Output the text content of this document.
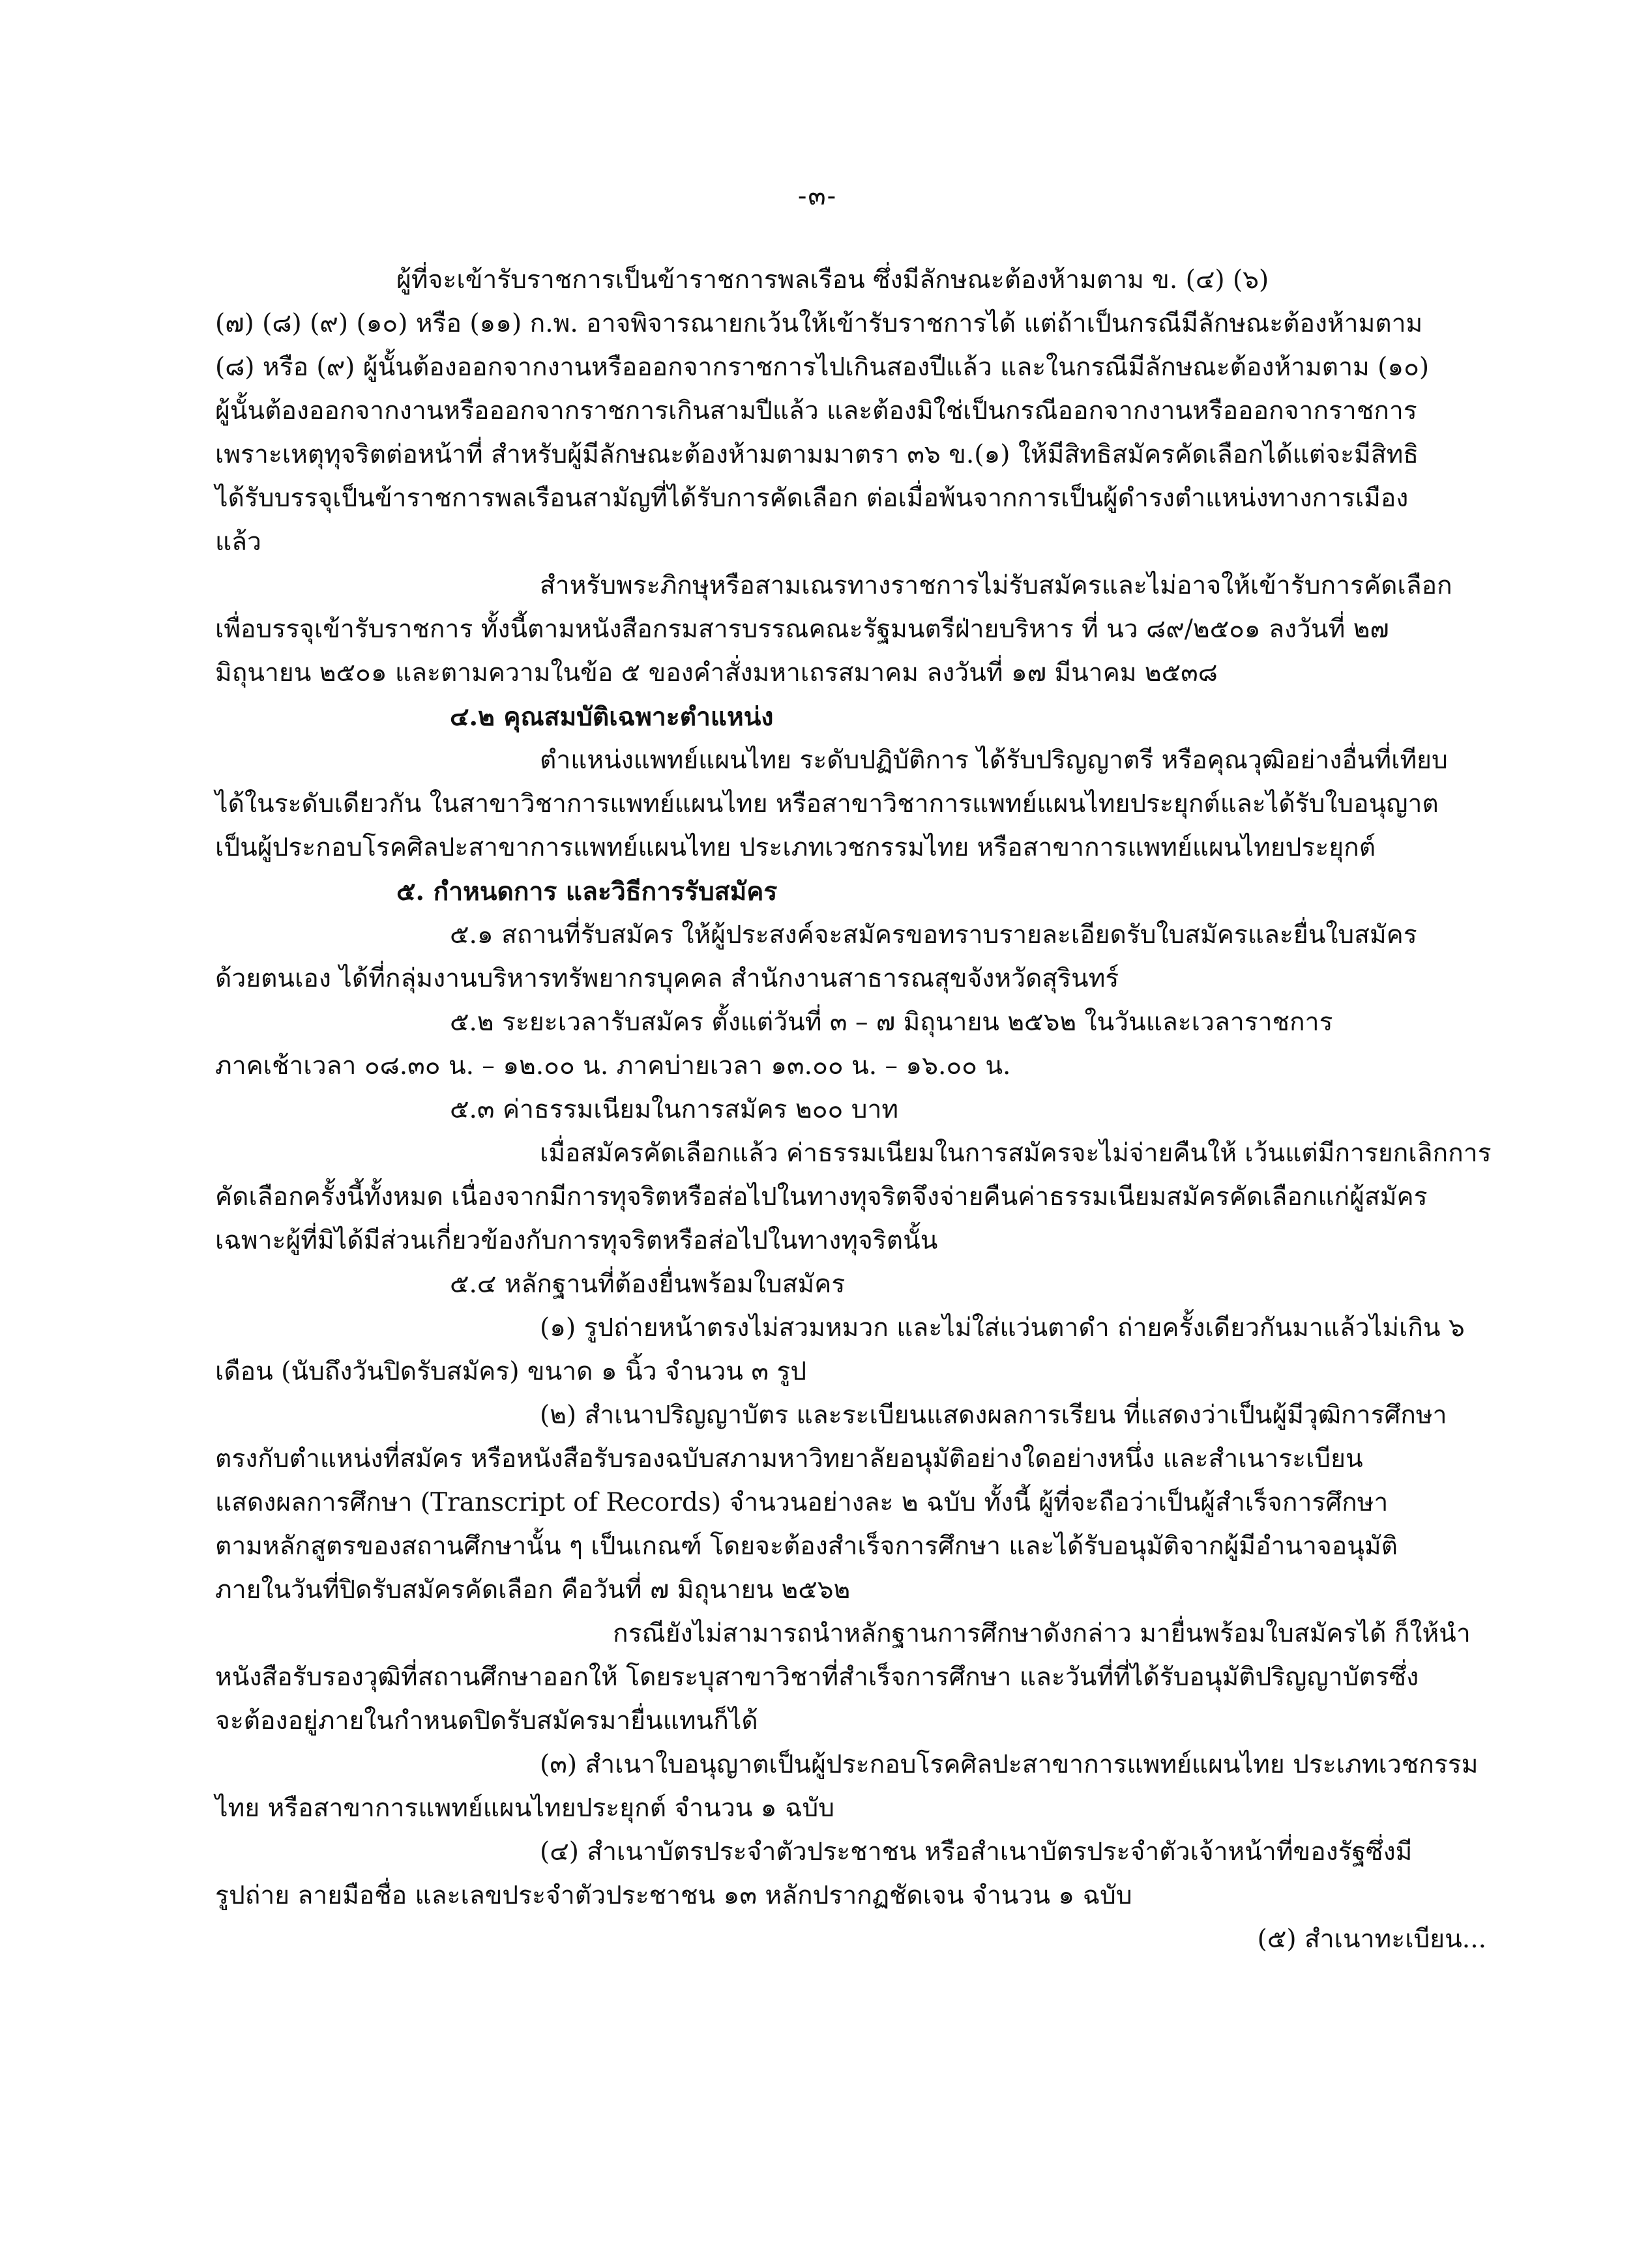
-๓-
ผู้ที่จะเข้ารับราชการเป็นข้าราชการพลเรือน ซึ่งมีลักษณะต้องห้ามตาม ข. (๔) (๖)
(๗) (๘) (๙) (๑๐) หรือ (๑๑) ก.พ. อาจพิจารณายกเว้นให้เข้ารับราชการได้ แต่ถ้าเป็นกรณีมีลักษณะต้องห้ามตาม
(๘) หรือ (๙) ผู้นั้นต้องออกจากงานหรือออกจากราชการไปเกินสองปีแล้ว และในกรณีมีลักษณะต้องห้ามตาม (๑๐)
ผู้นั้นต้องออกจากงานหรือออกจากราชการเกินสามปีแล้ว และต้องมิใช่เป็นกรณีออกจากงานหรือออกจากราชการ
เพราะเหตุทุจริตต่อหน้าที่ สำหรับผู้มีลักษณะต้องห้ามตามมาตรา ๓๖ ข.(๑) ให้มีสิทธิสมัครคัดเลือกได้แต่จะมีสิทธิ
ได้รับบรรจุเป็นข้าราชการพลเรือนสามัญที่ได้รับการคัดเลือก ต่อเมื่อพ้นจากการเป็นผู้ดำรงตำแหน่งทางการเมือง
แล้ว
สำหรับพระภิกษุหรือสามเณรทางราชการไม่รับสมัครและไม่อาจให้เข้ารับการคัดเลือก
เพื่อบรรจุเข้ารับราชการ ทั้งนี้ตามหนังสือกรมสารบรรณคณะรัฐมนตรีฝ่ายบริหาร ที่ นว ๘๙/๒๕๐๑ ลงวันที่ ๒๗
มิถุนายน ๒๕๐๑ และตามความในข้อ ๕ ของคำสั่งมหาเถรสมาคม ลงวันที่ ๑๗ มีนาคม ๒๕๓๘
๔.๒ คุณสมบัติเฉพาะตำแหน่ง
ตำแหน่งแพทย์แผนไทย ระดับปฏิบัติการ ได้รับปริญญาตรี หรือคุณวุฒิอย่างอื่นที่เทียบ
ได้ในระดับเดียวกัน ในสาขาวิชาการแพทย์แผนไทย หรือสาขาวิชาการแพทย์แผนไทยประยุกต์และได้รับใบอนุญาต
เป็นผู้ประกอบโรคศิลปะสาขาการแพทย์แผนไทย ประเภทเวชกรรมไทย หรือสาขาการแพทย์แผนไทยประยุกต์
๕. กำหนดการ และวิธีการรับสมัคร
๕.๑ สถานที่รับสมัคร ให้ผู้ประสงค์จะสมัครขอทราบรายละเอียดรับใบสมัครและยื่นใบสมัคร
ด้วยตนเอง ได้ที่กลุ่มงานบริหารทรัพยากรบุคคล สำนักงานสาธารณสุขจังหวัดสุรินทร์
๕.๒ ระยะเวลารับสมัคร ตั้งแต่วันที่ ๓ – ๗ มิถุนายน ๒๕๖๒ ในวันและเวลาราชการ
ภาคเช้าเวลา ๐๘.๓๐ น. – ๑๒.๐๐ น. ภาคบ่ายเวลา ๑๓.๐๐ น. – ๑๖.๐๐ น.
๕.๓ ค่าธรรมเนียมในการสมัคร ๒๐๐ บาท
เมื่อสมัครคัดเลือกแล้ว ค่าธรรมเนียมในการสมัครจะไม่จ่ายคืนให้ เว้นแต่มีการยกเลิกการ
คัดเลือกครั้งนี้ทั้งหมด เนื่องจากมีการทุจริตหรือส่อไปในทางทุจริตจึงจ่ายคืนค่าธรรมเนียมสมัครคัดเลือกแก่ผู้สมัคร
เฉพาะผู้ที่มิได้มีส่วนเกี่ยวข้องกับการทุจริตหรือส่อไปในทางทุจริตนั้น
๕.๔ หลักฐานที่ต้องยื่นพร้อมใบสมัคร
(๑) รูปถ่ายหน้าตรงไม่สวมหมวก และไม่ใส่แว่นตาดำ ถ่ายครั้งเดียวกันมาแล้วไม่เกิน ๖
เดือน (นับถึงวันปิดรับสมัคร) ขนาด ๑ นิ้ว จำนวน ๓ รูป
(๒) สำเนาปริญญาบัตร และระเบียนแสดงผลการเรียน ที่แสดงว่าเป็นผู้มีวุฒิการศึกษา
ตรงกับตำแหน่งที่สมัคร หรือหนังสือรับรองฉบับสภามหาวิทยาลัยอนุมัติอย่างใดอย่างหนึ่ง และสำเนาระเบียน
แสดงผลการศึกษา (Transcript of Records) จำนวนอย่างละ ๒ ฉบับ ทั้งนี้ ผู้ที่จะถือว่าเป็นผู้สำเร็จการศึกษา
ตามหลักสูตรของสถานศึกษานั้น ๆ เป็นเกณฑ์ โดยจะต้องสำเร็จการศึกษา และได้รับอนุมัติจากผู้มีอำนาจอนุมัติ
ภายในวันที่ปิดรับสมัครคัดเลือก คือวันที่ ๗ มิถุนายน ๒๕๖๒
กรณียังไม่สามารถนำหลักฐานการศึกษาดังกล่าว มายื่นพร้อมใบสมัครได้ ก็ให้นำ
หนังสือรับรองวุฒิที่สถานศึกษาออกให้ โดยระบุสาขาวิชาที่สำเร็จการศึกษา และวันที่ที่ได้รับอนุมัติปริญญาบัตรซึ่ง
จะต้องอยู่ภายในกำหนดปิดรับสมัครมายื่นแทนก็ได้
(๓) สำเนาใบอนุญาตเป็นผู้ประกอบโรคศิลปะสาขาการแพทย์แผนไทย ประเภทเวชกรรม
ไทย หรือสาขาการแพทย์แผนไทยประยุกต์ จำนวน ๑ ฉบับ
(๔) สำเนาบัตรประจำตัวประชาชน หรือสำเนาบัตรประจำตัวเจ้าหน้าที่ของรัฐซึ่งมี
รูปถ่าย ลายมือชื่อ และเลขประจำตัวประชาชน ๑๓ หลักปรากฏชัดเจน จำนวน ๑ ฉบับ
(๕) สำเนาทะเบียน...
